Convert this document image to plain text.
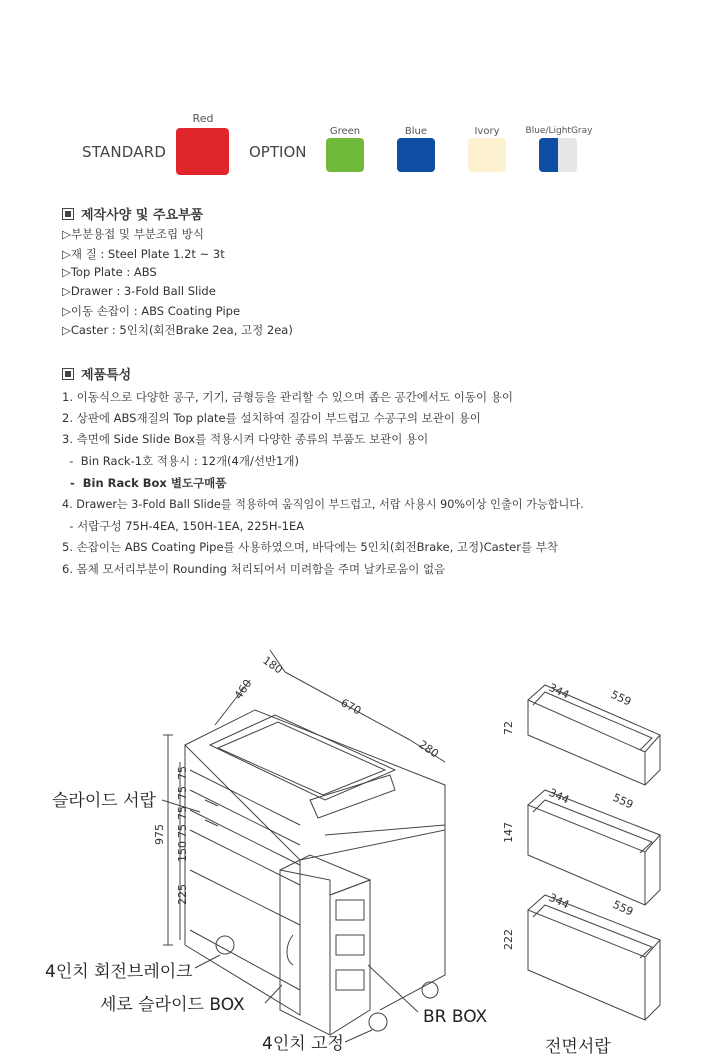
STANDARD
Red
OPTION
Green	Blue	Ivory	Blue/LightGray
제작사양 및 주요부품
▷부분용접 및 부분조립 방식
▷재 질 : Steel Plate 1.2t ~ 3t
▷Top Plate : ABS
▷Drawer : 3-Fold Ball Slide
▷이동 손잡이 : ABS Coating Pipe
▷Caster : 5인치(회전Brake 2ea, 고정 2ea)
제품특성
1. 이동식으로 다양한 공구, 기기, 금형등을 관리할 수 있으며 좁은 공간에서도 이동이 용이
2. 상판에 ABS재질의 Top plate를 설치하여 질감이 부드럽고 수공구의 보관이 용이
3. 측면에 Side Slide Box를 적용시켜 다양한 종류의 부품도 보관이 용이
-  Bin Rack-1호 적용시 : 12개(4개/선반1개)
-  Bin Rack Box 별도구매품
4. Drawer는 3-Fold Ball Slide를 적용하여 움직임이 부드럽고, 서랍 사용시 90%이상 인출이 가능합니다.
- 서랍구성 75H-4EA, 150H-1EA, 225H-1EA
5. 손잡이는 ABS Coating Pipe를 사용하였으며, 바닥에는 5인치(회전Brake, 고정)Caster를 부착
6. 몸체 모서리부분이 Rounding 처리되어서 미려함을 주며 날카로움이 없음
180
460
670
280
975
75
75
75
75
150
225
344	559
72
344	559
147
344	559
222
슬라이드 서랍
4인치 회전브레이크
세로 슬라이드 BOX
4인치 고정
BR BOX
전면서랍
